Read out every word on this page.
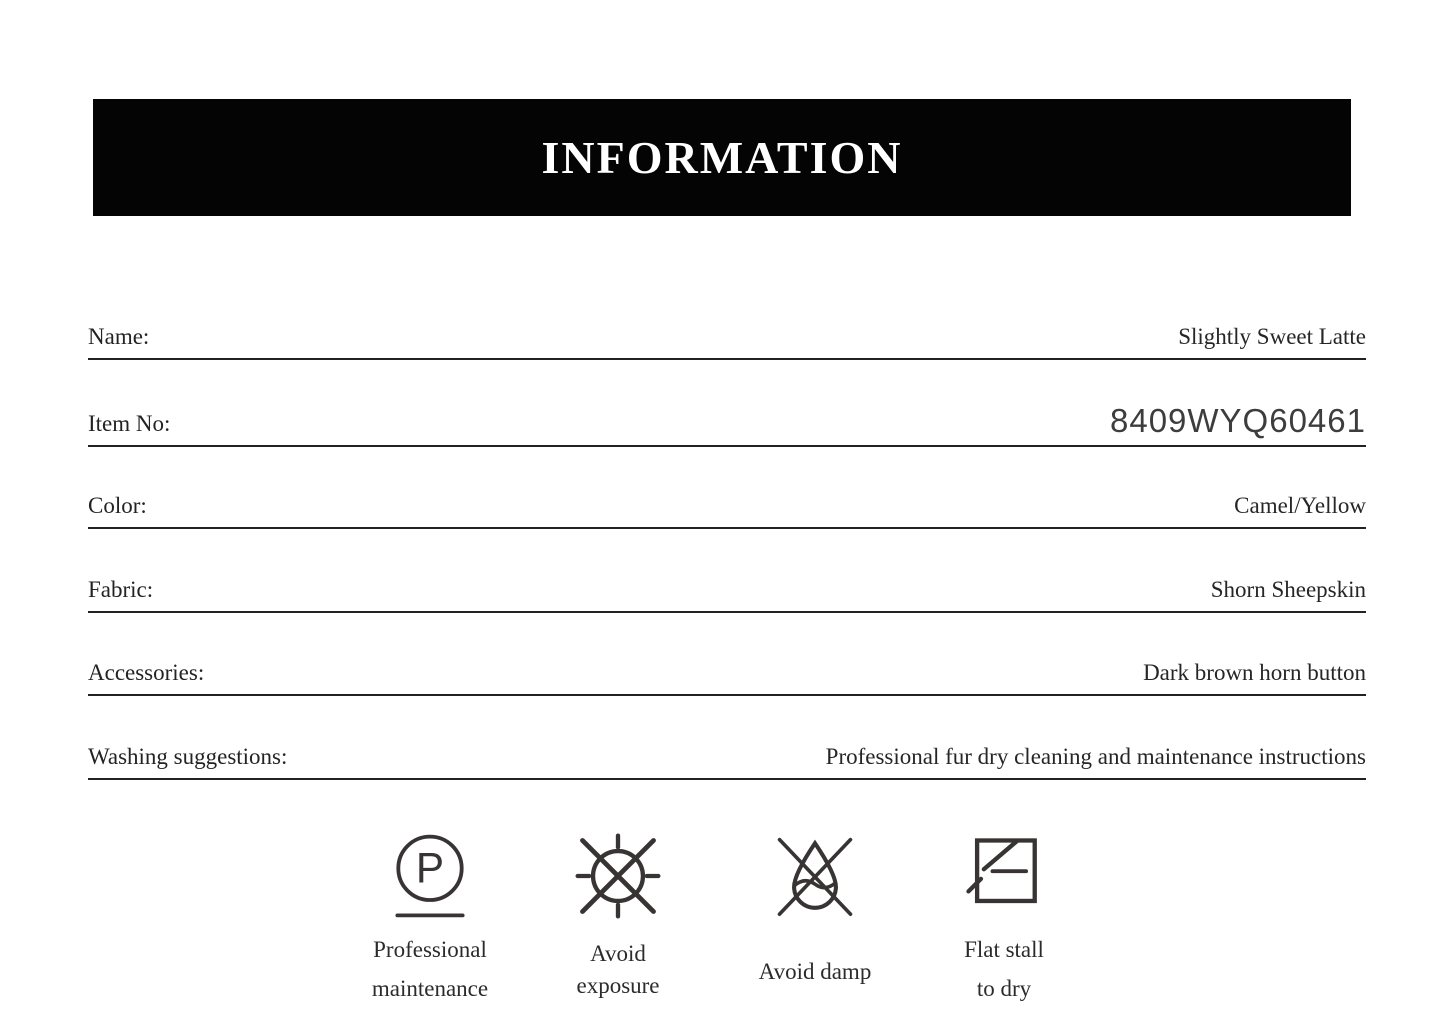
INFORMATION
Name:	Slightly Sweet Latte
Item No:	8409WYQ60461
Color:	Camel/Yellow
Fabric:	Shorn Sheepskin
Accessories:	Dark brown horn button
Washing suggestions:	Professional fur dry cleaning and maintenance instructions
P
Professional
maintenance
Avoid
exposure
Avoid damp
Flat stall
to dry
